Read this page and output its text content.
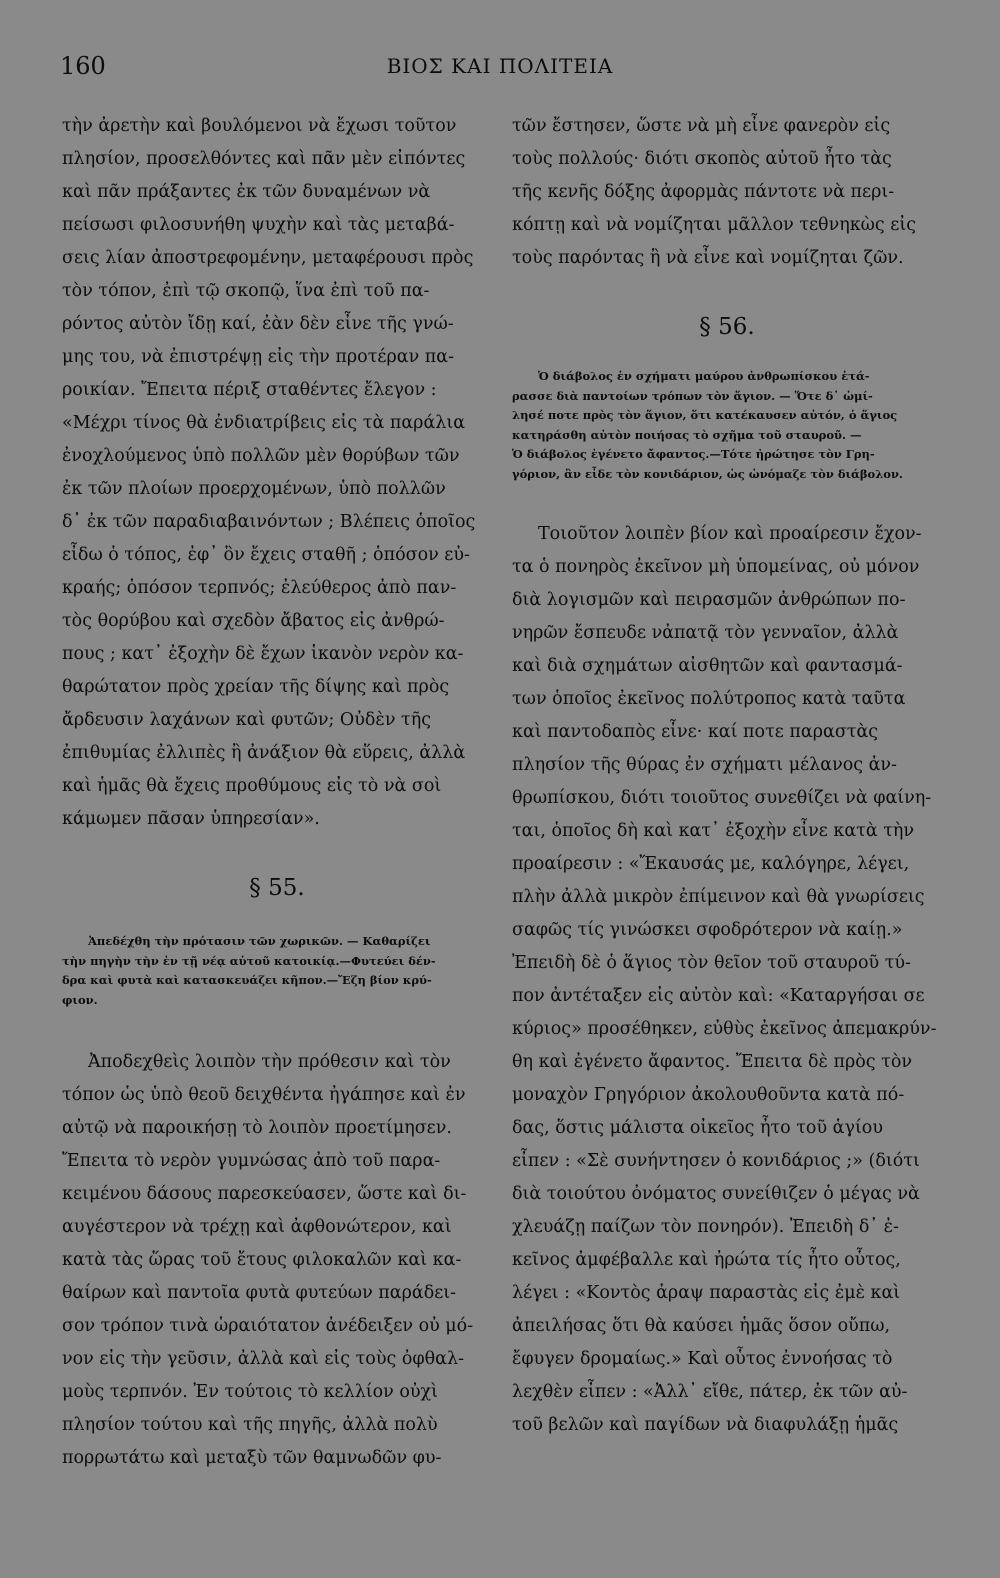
160	ΒΙΟΣ ΚΑΙ ΠΟΛΙΤΕΙΑ
τὴν ἀρετὴν καὶ βουλόμενοι νὰ ἔχωσι τοῦτον
πλησίον, προσελθόντες καὶ πᾶν μὲν εἰπόντες
καὶ πᾶν πράξαντες ἐκ τῶν δυναμένων νὰ
πείσωσι φιλοσυνήθη ψυχὴν καὶ τὰς μεταβά-
σεις λίαν ἀποστρεφομένην, μεταφέρουσι πρὸς
τὸν τόπον, ἐπὶ τῷ σκοπῷ, ἵνα ἐπὶ τοῦ πα-
ρόντος αὐτὸν ἴδῃ καί, ἐὰν δὲν εἶνε τῆς γνώ-
μης του, νὰ ἐπιστρέψῃ εἰς τὴν προτέραν πα-
ροικίαν. Ἔπειτα πέριξ σταθέντες ἔλεγον :
«Μέχρι τίνος θὰ ἐνδιατρίβεις εἰς τὰ παράλια
ἐνοχλούμενος ὑπὸ πολλῶν μὲν θορύβων τῶν
ἐκ τῶν πλοίων προερχομένων, ὑπὸ πολλῶν
δ᾽ ἐκ τῶν παραδιαβαινόντων ; Βλέπεις ὁποῖος
εἶδω ὁ τόπος, ἐφ᾽ ὃν ἔχεις σταθῆ ; ὁπόσον εὐ-
κραής; ὁπόσον τερπνός; ἐλεύθερος ἀπὸ παν-
τὸς θορύβου καὶ σχεδὸν ἄβατος εἰς ἀνθρώ-
πους ; κατ᾽ ἐξοχὴν δὲ ἔχων ἱκανὸν νερὸν κα-
θαρώτατον πρὸς χρείαν τῆς δίψης καὶ πρὸς
ἄρδευσιν λαχάνων καὶ φυτῶν; Οὐδὲν τῆς
ἐπιθυμίας ἐλλιπὲς ἢ ἀνάξιον θὰ εὕρεις, ἀλλὰ
καὶ ἡμᾶς θὰ ἔχεις προθύμους εἰς τὸ νὰ σοὶ
κάμωμεν πᾶσαν ὑπηρεσίαν».
§ 55.
Ἀπεδέχθη τὴν πρότασιν τῶν χωρικῶν. — Καθαρίζει
τὴν πηγὴν τὴν ἐν τῇ νέᾳ αὐτοῦ κατοικίᾳ.—Φυτεύει δέν-
δρα καὶ φυτὰ καὶ κατασκευάζει κῆπον.—Ἔζη βίον κρύ-
φιον.
Ἀποδεχθεὶς λοιπὸν τὴν πρόθεσιν καὶ τὸν
τόπον ὡς ὑπὸ θεοῦ δειχθέντα ἠγάπησε καὶ ἐν
αὐτῷ νὰ παροικήσῃ τὸ λοιπὸν προετίμησεν.
Ἔπειτα τὸ νερὸν γυμνώσας ἀπὸ τοῦ παρα-
κειμένου δάσους παρεσκεύασεν, ὥστε καὶ δι-
αυγέστερον νὰ τρέχῃ καὶ ἀφθονώτερον, καὶ
κατὰ τὰς ὥρας τοῦ ἔτους φιλοκαλῶν καὶ κα-
θαίρων καὶ παντοῖα φυτὰ φυτεύων παράδει-
σον τρόπον τινὰ ὡραιότατον ἀνέδειξεν οὐ μό-
νον εἰς τὴν γεῦσιν, ἀλλὰ καὶ εἰς τοὺς ὀφθαλ-
μοὺς τερπνόν. Ἐν τούτοις τὸ κελλίον οὐχὶ
πλησίον τούτου καὶ τῆς πηγῆς, ἀλλὰ πολὺ
πορρωτάτω καὶ μεταξὺ τῶν θαμνωδῶν φυ-
τῶν ἔστησεν, ὥστε νὰ μὴ εἶνε φανερὸν εἰς
τοὺς πολλούς· διότι σκοπὸς αὐτοῦ ἦτο τὰς
τῆς κενῆς δόξης ἀφορμὰς πάντοτε νὰ περι-
κόπτῃ καὶ νὰ νομίζηται μᾶλλον τεθνηκὼς εἰς
τοὺς παρόντας ἢ νὰ εἶνε καὶ νομίζηται ζῶν.
§ 56.
Ὁ διάβολος ἐν σχήματι μαύρου ἀνθρωπίσκου ἐτά-
ρασσε διὰ παντοίων τρόπων τὸν ἅγιον. — Ὅτε δ᾽ ὡμί-
λησέ ποτε πρὸς τὸν ἅγιον, ὅτι κατέκαυσεν αὐτόν, ὁ ἅγιος
κατηράσθη αὐτὸν ποιήσας τὸ σχῆμα τοῦ σταυροῦ. —
Ὁ διάβολος ἐγένετο ἄφαντος.—Τότε ἠρώτησε τὸν Γρη-
γόριον, ἂν εἶδε τὸν κονιδάριον, ὡς ὠνόμαζε τὸν διάβολον.
Τοιοῦτον λοιπὲν βίον καὶ προαίρεσιν ἔχον-
τα ὁ πονηρὸς ἐκεῖνον μὴ ὑπομείνας, οὐ μόνον
διὰ λογισμῶν καὶ πειρασμῶν ἀνθρώπων πο-
νηρῶν ἔσπευδε νἀπατᾷ τὸν γενναῖον, ἀλλὰ
καὶ διὰ σχημάτων αἰσθητῶν καὶ φαντασμά-
των ὁποῖος ἐκεῖνος πολύτροπος κατὰ ταῦτα
καὶ παντοδαπὸς εἶνε· καί ποτε παραστὰς
πλησίον τῆς θύρας ἐν σχήματι μέλανος ἀν-
θρωπίσκου, διότι τοιοῦτος συνεθίζει νὰ φαίνη-
ται, ὁποῖος δὴ καὶ κατ᾽ ἐξοχὴν εἶνε κατὰ τὴν
προαίρεσιν : «Ἔκαυσάς με, καλόγηρε, λέγει,
πλὴν ἀλλὰ μικρὸν ἐπίμεινον καὶ θὰ γνωρίσεις
σαφῶς τίς γινώσκει σφοδρότερον νὰ καίῃ.»
Ἐπειδὴ δὲ ὁ ἅγιος τὸν θεῖον τοῦ σταυροῦ τύ-
πον ἀντέταξεν εἰς αὐτὸν καὶ: «Καταργήσαι σε
κύριος» προσέθηκεν, εὐθὺς ἐκεῖνος ἀπεμακρύν-
θη καὶ ἐγένετο ἄφαντος. Ἔπειτα δὲ πρὸς τὸν
μοναχὸν Γρηγόριον ἀκολουθοῦντα κατὰ πό-
δας, ὅστις μάλιστα οἰκεῖος ἦτο τοῦ ἁγίου
εἶπεν : «Σὲ συνήντησεν ὁ κονιδάριος ;» (διότι
διὰ τοιούτου ὀνόματος συνείθιζεν ὁ μέγας νὰ
χλευάζῃ παίζων τὸν πονηρόν). Ἐπειδὴ δ᾽ ἐ-
κεῖνος ἀμφέβαλλε καὶ ἠρώτα τίς ἦτο οὗτος,
λέγει : «Κοντὸς ἀραψ παραστὰς εἰς ἐμὲ καὶ
ἀπειλήσας ὅτι θὰ καύσει ἡμᾶς ὅσον οὔπω,
ἔφυγεν δρομαίως.» Καὶ οὗτος ἐννοήσας τὸ
λεχθὲν εἶπεν : «Ἀλλ᾽ εἴθε, πάτερ, ἐκ τῶν αὐ-
τοῦ βελῶν καὶ παγίδων νὰ διαφυλάξῃ ἡμᾶς
